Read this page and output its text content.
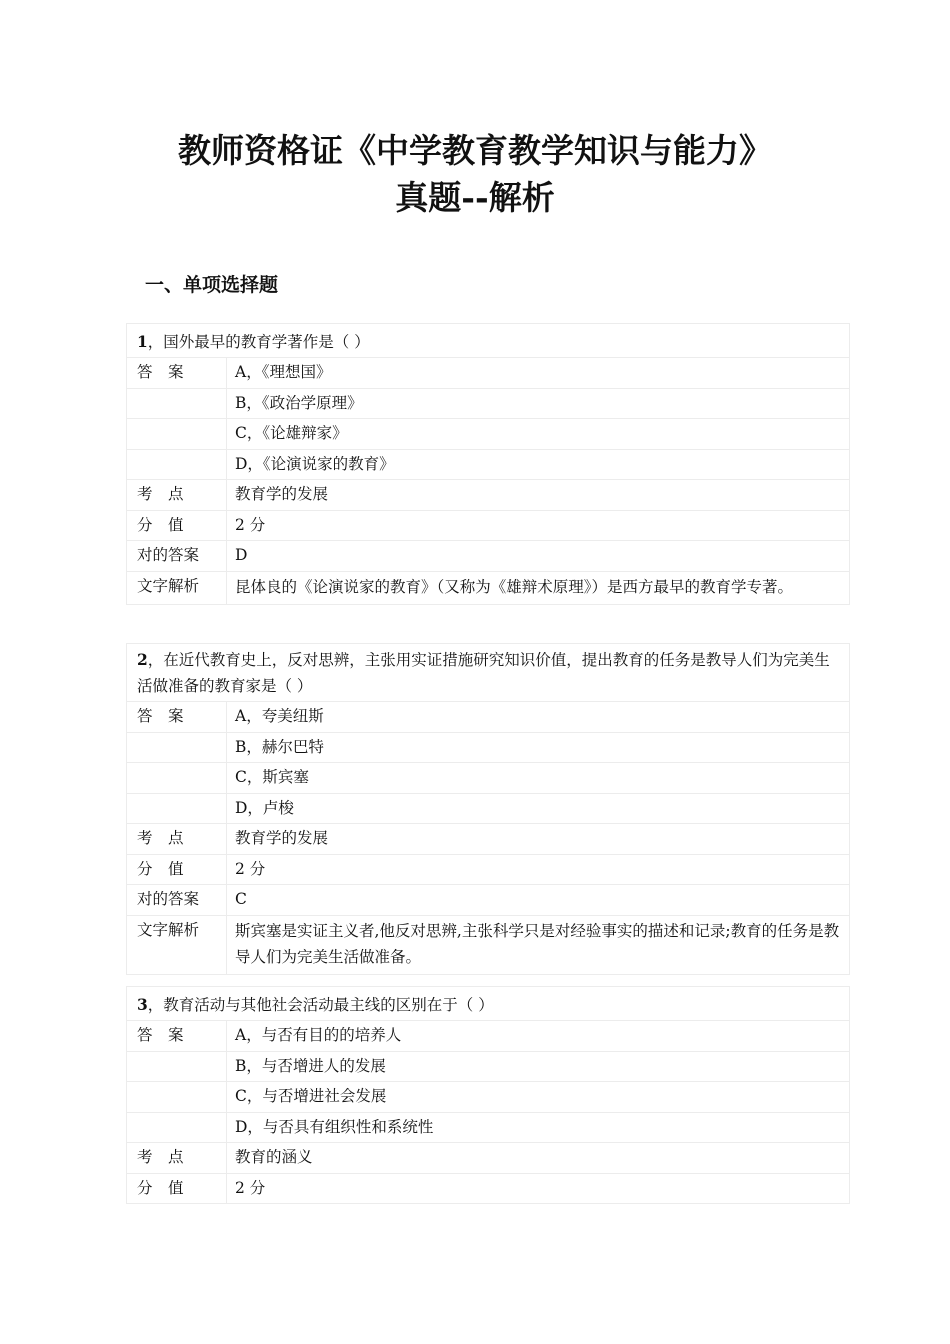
教师资格证《中学教育教学知识与能力》
真题--解析
一、单项选择题
1，国外最早的教育学著作是（ ）
答　案	A，《理想国》
B，《政治学原理》
C，《论雄辩家》
D，《论演说家的教育》
考　点	教育学的发展
分　值	2 分
对的答案	D
文字解析	昆体良的《论演说家的教育》（又称为《雄辩术原理》）是西方最早的教育学专著。
2，在近代教育史上，反对思辨，主张用实证措施研究知识价值，提出教育的任务是教导人们为完美生活做准备的教育家是（ ）
答　案	A，夸美纽斯
B，赫尔巴特
C，斯宾塞
D，卢梭
考　点	教育学的发展
分　值	2 分
对的答案	C
文字解析	斯宾塞是实证主义者,他反对思辨,主张科学只是对经验事实的描述和记录;教育的任务是教导人们为完美生活做准备。
3，教育活动与其他社会活动最主线的区别在于（ ）
答　案	A，与否有目的的培养人
B，与否增进人的发展
C，与否增进社会发展
D，与否具有组织性和系统性
考　点	教育的涵义
分　值	2 分
